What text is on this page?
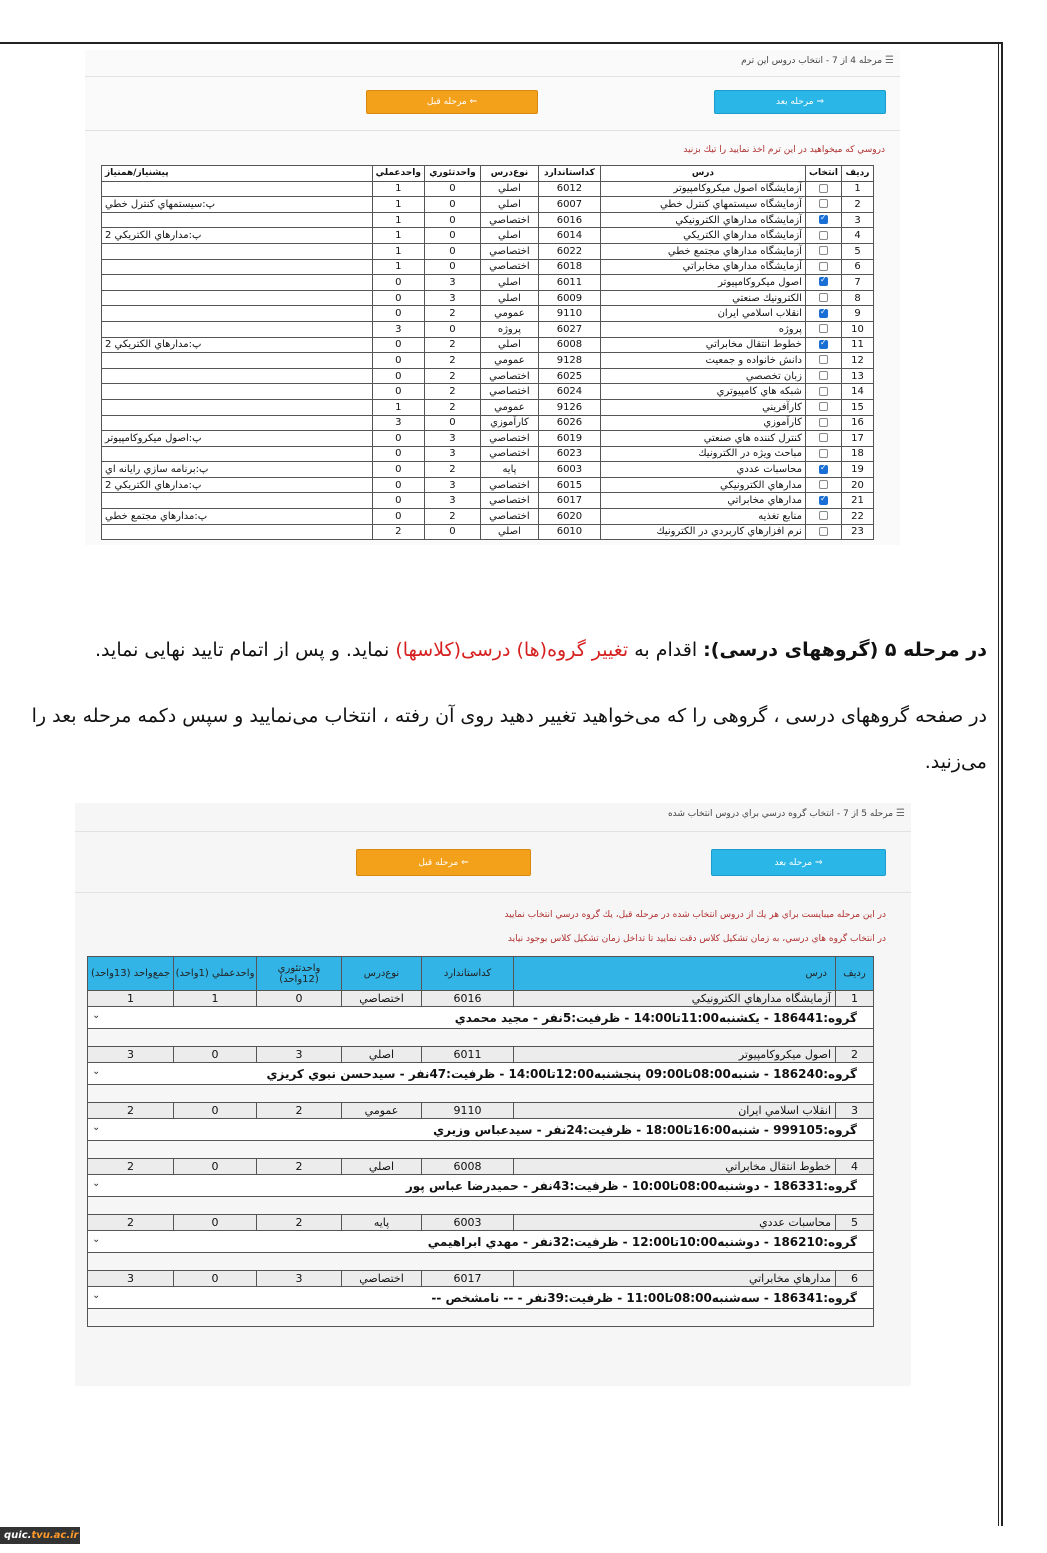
☰
مرحله 4 از 7 - انتخاب دروس اين ترم
⇒ مرحله بعد
⇐ مرحله قبل
دروسي كه ميخواهيد در اين ترم اخذ نماييد را تيك بزنيد
رديف	انتخاب	درس	كداستاندارد	نوع‌درس	واحدتئوري	واحدعملي	پيشنياز/همنياز
1		آزمايشگاه اصول ميكروكامپيوتر	6012	اصلي	0	1	
2		آزمايشگاه سيستمهاي كنترل خطي	6007	اصلي	0	1	پ:سيستمهاي كنترل خطي
3	✓	آزمايشگاه مدارهاي الكترونيكي	6016	اختصاصي	0	1	
4		آزمايشگاه مدارهاي الكتريكي	6014	اصلي	0	1	پ:مدارهاي الكتريكي 2
5		آزمايشگاه مدارهاي مجتمع خطي	6022	اختصاصي	0	1	
6		آزمايشگاه مدارهاي مخابراتي	6018	اختصاصي	0	1	
7	✓	اصول ميكروكامپيوتر	6011	اصلي	3	0	
8		الكترونيك صنعتي	6009	اصلي	3	0	
9	✓	انقلاب اسلامي ايران	9110	عمومي	2	0	
10		پروژه	6027	پروژه	0	3	
11	✓	خطوط انتقال مخابراتي	6008	اصلي	2	0	پ:مدارهاي الكتريكي 2
12		دانش خانواده و جمعيت	9128	عمومي	2	0	
13		زبان تخصصي	6025	اختصاصي	2	0	
14		شبكه هاي كامپيوتري	6024	اختصاصي	2	0	
15		كارآفريني	9126	عمومي	2	1	
16		كارآموزي	6026	كارآموزي	0	3	
17		كنترل كننده هاي صنعتي	6019	اختصاصي	3	0	پ:اصول ميكروكامپيوتر
18		مباحث ويژه در الكترونيك	6023	اختصاصي	3	0	
19	✓	محاسبات عددي	6003	پايه	2	0	پ:برنامه سازي رايانه اي
20		مدارهاي الكترونيكي	6015	اختصاصي	3	0	پ:مدارهاي الكتريكي 2
21	✓	مدارهاي مخابراتي	6017	اختصاصي	3	0	
22		منابع تغذيه	6020	اختصاصي	2	0	پ:مدارهاي مجتمع خطي
23		نرم افزارهاي كاربردي در الكترونيك	6010	اصلي	0	2	
در مرحله ۵ (گروههای درسی): اقدام به تغییر گروه(ها) درسی(کلاسها) نماید. و پس از اتمام تایید نهایی نماید.
در صفحه گروههای درسی ، گروهی را که می‌خواهید تغییر دهید روی آن رفته ، انتخاب می‌نمایید و سپس دکمه مرحله بعد را می‌زنید.
☰
مرحله 5 از 7 - انتخاب گروه درسي براي دروس انتخاب شده
⇒ مرحله بعد
⇐ مرحله قبل
در اين مرحله ميبايست براي هر يك از دروس انتخاب شده در مرحله قبل، يك گروه درسي انتخاب نماييد
در انتخاب گروه هاي درسي، به زمان تشكيل كلاس دقت نماييد تا تداخل زمان تشكيل كلاس بوجود نيايد
رديف	درس	كداستاندارد	نوع‌درس	واحدتئوري (12واحد)	واحدعملي (1واحد)	جمع‌واحد (13واحد)
1	آزمايشگاه مدارهاي الكترونيكي	6016	اختصاصي	0	1	1
گروه:186441 - يكشنبه11:00تا14:00 - ظرفيت:5نفر - مجيد محمدي
⌄						

2	اصول ميكروكامپيوتر	6011	اصلي	3	0	3
گروه:186240 - شنبه08:00تا09:00 پنجشنبه12:00تا14:00 - ظرفيت:47نفر - سيدحسن نبوي كريزي
⌄						

3	انقلاب اسلامي ايران	9110	عمومي	2	0	2
گروه:999105 - شنبه16:00تا18:00 - ظرفيت:24نفر - سيدعباس وزيري
⌄						

4	خطوط انتقال مخابراتي	6008	اصلي	2	0	2
گروه:186331 - دوشنبه08:00تا10:00 - ظرفيت:43نفر - حميدرضا عباس پور
⌄						

5	محاسبات عددي	6003	پايه	2	0	2
گروه:186210 - دوشنبه10:00تا12:00 - ظرفيت:32نفر - مهدي ابراهيمي
⌄						

6	مدارهاي مخابراتي	6017	اختصاصي	3	0	3
گروه:186341 - سه‌شنبه08:00تا11:00 - ظرفيت:39نفر - -- نامشخص --
⌄						

quic.tvu.ac.ir
